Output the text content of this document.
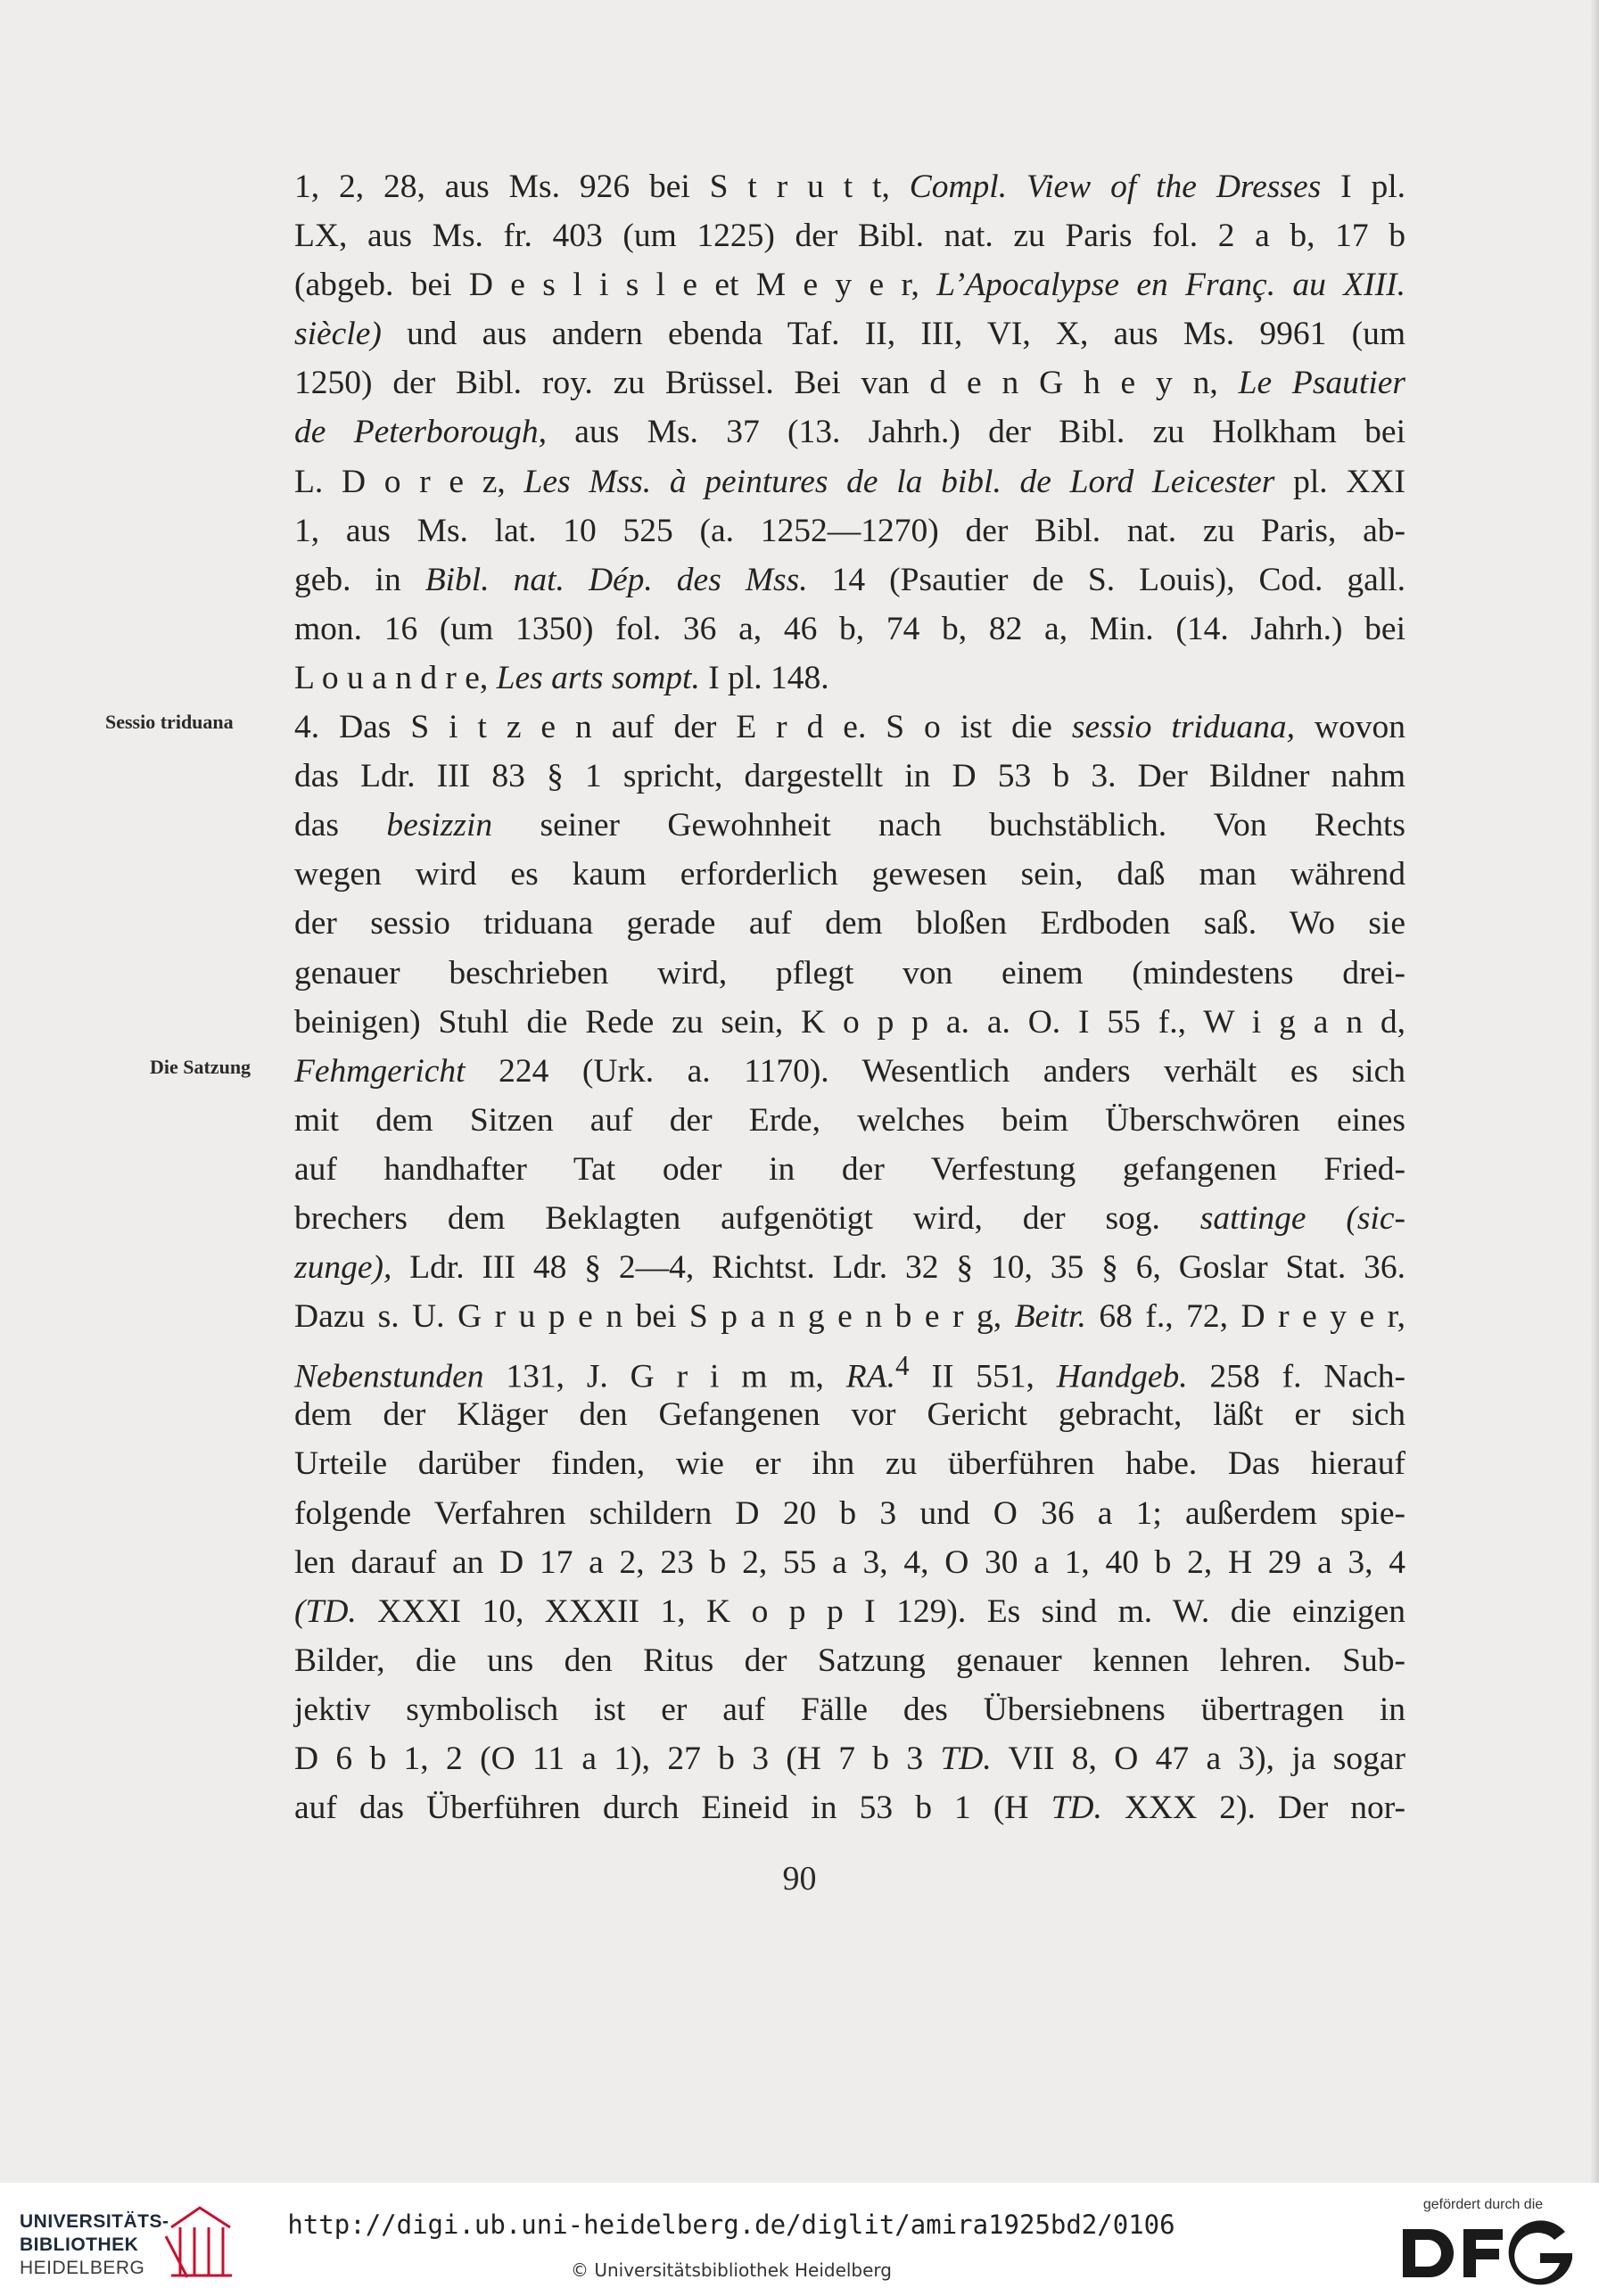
1, 2, 28, aus Ms. 926 bei S t r u t t, Compl. View of the Dresses I pl.
LX, aus Ms. fr. 403 (um 1225) der Bibl. nat. zu Paris fol. 2 a b, 17 b
(abgeb. bei D e s l i s l e et M e y e r, L’Apocalypse en Franç. au XIII.
siècle) und aus andern ebenda Taf. II, III, VI, X, aus Ms. 9961 (um
1250) der Bibl. roy. zu Brüssel. Bei van d e n G h e y n, Le Psautier
de Peterborough, aus Ms. 37 (13. Jahrh.) der Bibl. zu Holkham bei
L. D o r e z, Les Mss. à peintures de la bibl. de Lord Leicester pl. XXI
1, aus Ms. lat. 10 525 (a. 1252—1270) der Bibl. nat. zu Paris, ab-
geb. in Bibl. nat. Dép. des Mss. 14 (Psautier de S. Louis), Cod. gall.
mon. 16 (um 1350) fol. 36 a, 46 b, 74 b, 82 a, Min. (14. Jahrh.) bei
L o u a n d r e, Les arts sompt. I pl. 148.
4. Das S i t z e n auf der E r d e. S o ist die sessio triduana, wovon
das Ldr. III 83 § 1 spricht, dargestellt in D 53 b 3. Der Bildner nahm
das besizzin seiner Gewohnheit nach buchstäblich. Von Rechts
wegen wird es kaum erforderlich gewesen sein, daß man während
der sessio triduana gerade auf dem bloßen Erdboden saß. Wo sie
genauer beschrieben wird, pflegt von einem (mindestens drei-
beinigen) Stuhl die Rede zu sein, K o p p a. a. O. I 55 f., W i g a n d,
Fehmgericht 224 (Urk. a. 1170). Wesentlich anders verhält es sich
mit dem Sitzen auf der Erde, welches beim Überschwören eines
auf handhafter Tat oder in der Verfestung gefangenen Fried-
brechers dem Beklagten aufgenötigt wird, der sog. sattinge (sic-
zunge), Ldr. III 48 § 2—4, Richtst. Ldr. 32 § 10, 35 § 6, Goslar Stat. 36.
Dazu s. U. G r u p e n bei S p a n g e n b e r g, Beitr. 68 f., 72, D r e y e r,
Nebenstunden 131, J. G r i m m, RA.$^4$ II 551, Handgeb. 258 f. Nach-
dem der Kläger den Gefangenen vor Gericht gebracht, läßt er sich
Urteile darüber finden, wie er ihn zu überführen habe. Das hierauf
folgende Verfahren schildern D 20 b 3 und O 36 a 1; außerdem spie-
len darauf an D 17 a 2, 23 b 2, 55 a 3, 4, O 30 a 1, 40 b 2, H 29 a 3, 4
(TD. XXXI 10, XXXII 1, K o p p I 129). Es sind m. W. die einzigen
Bilder, die uns den Ritus der Satzung genauer kennen lehren. Sub-
jektiv symbolisch ist er auf Fälle des Übersiebnens übertragen in
D 6 b 1, 2 (O 11 a 1), 27 b 3 (H 7 b 3 TD. VII 8, O 47 a 3), ja sogar
auf das Überführen durch Eineid in 53 b 1 (H TD. XXX 2). Der nor-
Sessio triduana
Die Satzung
90
UNIVERSITÄTS-
BIBLIOTHEK
HEIDELBERG
http://digi.ub.uni-heidelberg.de/diglit/amira1925bd2/0106
© Universitätsbibliothek Heidelberg
gefördert durch die
